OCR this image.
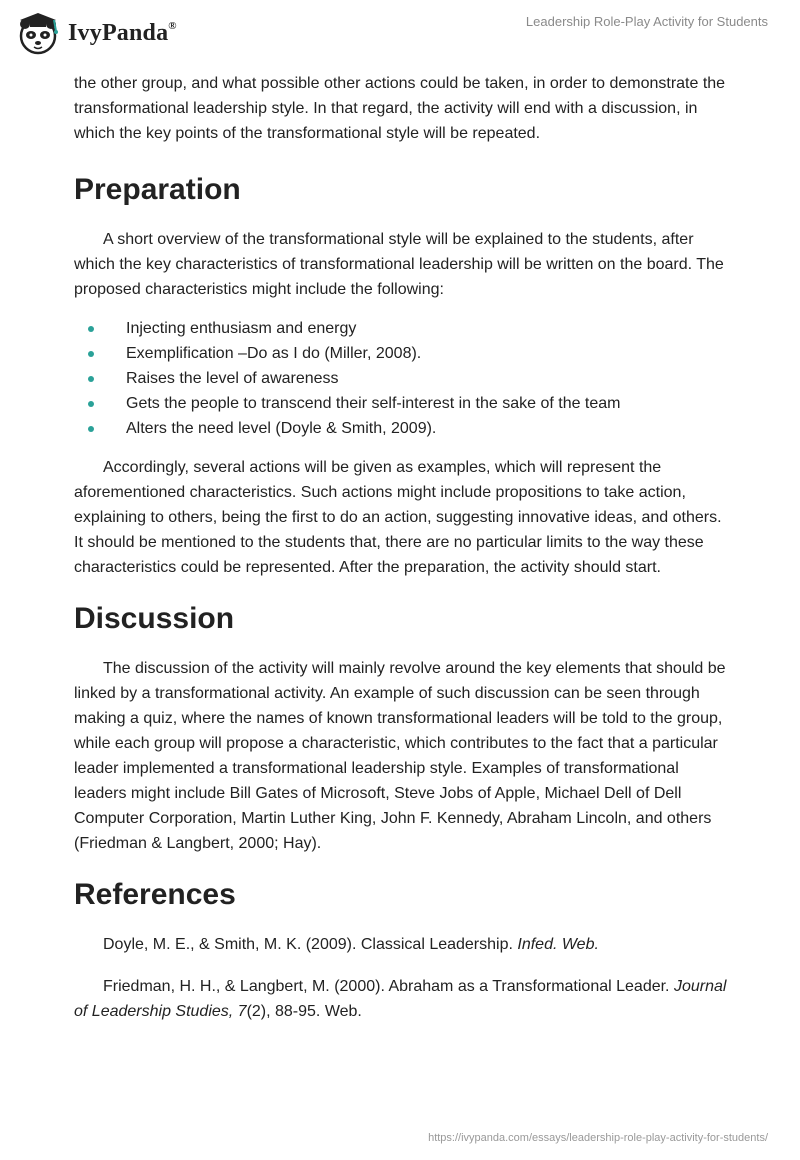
IvyPanda®	Leadership Role-Play Activity for Students

the other group, and what possible other actions could be taken, in order to demonstrate the transformational leadership style. In that regard, the activity will end with a discussion, in which the key points of the transformational style will be repeated.

Preparation

A short overview of the transformational style will be explained to the students, after which the key characteristics of transformational leadership will be written on the board. The proposed characteristics might include the following:

Injecting enthusiasm and energy
Exemplification –Do as I do (Miller, 2008).
Raises the level of awareness
Gets the people to transcend their self-interest in the sake of the team
Alters the need level (Doyle & Smith, 2009).

Accordingly, several actions will be given as examples, which will represent the aforementioned characteristics. Such actions might include propositions to take action, explaining to others, being the first to do an action, suggesting innovative ideas, and others. It should be mentioned to the students that, there are no particular limits to the way these characteristics could be represented. After the preparation, the activity should start.

Discussion

The discussion of the activity will mainly revolve around the key elements that should be linked by a transformational activity. An example of such discussion can be seen through making a quiz, where the names of known transformational leaders will be told to the group, while each group will propose a characteristic, which contributes to the fact that a particular leader implemented a transformational leadership style. Examples of transformational leaders might include Bill Gates of Microsoft, Steve Jobs of Apple, Michael Dell of Dell Computer Corporation, Martin Luther King, John F. Kennedy, Abraham Lincoln, and others (Friedman & Langbert, 2000; Hay).

References

Doyle, M. E., & Smith, M. K. (2009). Classical Leadership. Infed. Web.

Friedman, H. H., & Langbert, M. (2000). Abraham as a Transformational Leader. Journal of Leadership Studies, 7(2), 88-95. Web.

https://ivypanda.com/essays/leadership-role-play-activity-for-students/
